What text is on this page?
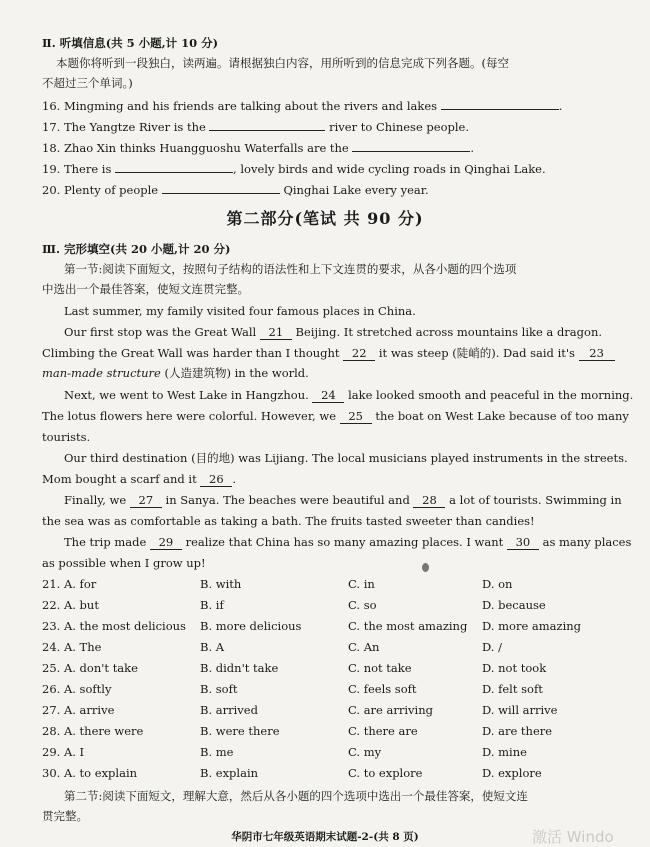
Ⅱ. 听填信息(共 5 小题,计 10 分)
本题你将听到一段独白，读两遍。请根据独白内容，用所听到的信息完成下列各题。(每空
不超过三个单词。)
16. Mingming and his friends are talking about the rivers and lakes	.
17. The Yangtze River is the	river to Chinese people.
18. Zhao Xin thinks Huangguoshu Waterfalls are the	.
19. There is	, lovely birds and wide cycling roads in Qinghai Lake.
20. Plenty of people	Qinghai Lake every year.
第二部分(笔试 共 90 分)
Ⅲ. 完形填空(共 20 小题,计 20 分)
第一节:阅读下面短文，按照句子结构的语法性和上下文连贯的要求，从各小题的四个选项
中选出一个最佳答案，使短文连贯完整。
Last summer, my family visited four famous places in China.
Our first stop was the Great Wall 21 Beijing. It stretched across mountains like a dragon.
Climbing the Great Wall was harder than I thought 22 it was steep (陡峭的). Dad said it's 23
man-made structure (人造建筑物) in the world.
Next, we went to West Lake in Hangzhou. 24 lake looked smooth and peaceful in the morning.
The lotus flowers here were colorful. However, we 25 the boat on West Lake because of too many
tourists.
Our third destination (目的地) was Lijiang. The local musicians played instruments in the streets.
Mom bought a scarf and it 26 .
Finally, we 27 in Sanya. The beaches were beautiful and 28 a lot of tourists. Swimming in
the sea was as comfortable as taking a bath. The fruits tasted sweeter than candies!
The trip made 29 realize that China has so many amazing places. I want 30 as many places
as possible when I grow up!
21. A. for	B. with	C. in	D. on
22. A. but	B. if	C. so	D. because
23. A. the most delicious B. more delicious	C. the most amazing D. more amazing
24. A. The	B. A	C. An	D. /
25. A. don't take	B. didn't take	C. not take	D. not took
26. A. softly	B. soft	C. feels soft	D. felt soft
27. A. arrive	B. arrived	C. are arriving	D. will arrive
28. A. there were	B. were there	C. there are	D. are there
29. A. I	B. me	C. my	D. mine
30. A. to explain	B. explain	C. to explore	D. explore
第二节:阅读下面短文，理解大意，然后从各小题的四个选项中选出一个最佳答案，使短文连
贯完整。
华阴市七年级英语期末试题-2-(共 8 页)	激活 Windo
